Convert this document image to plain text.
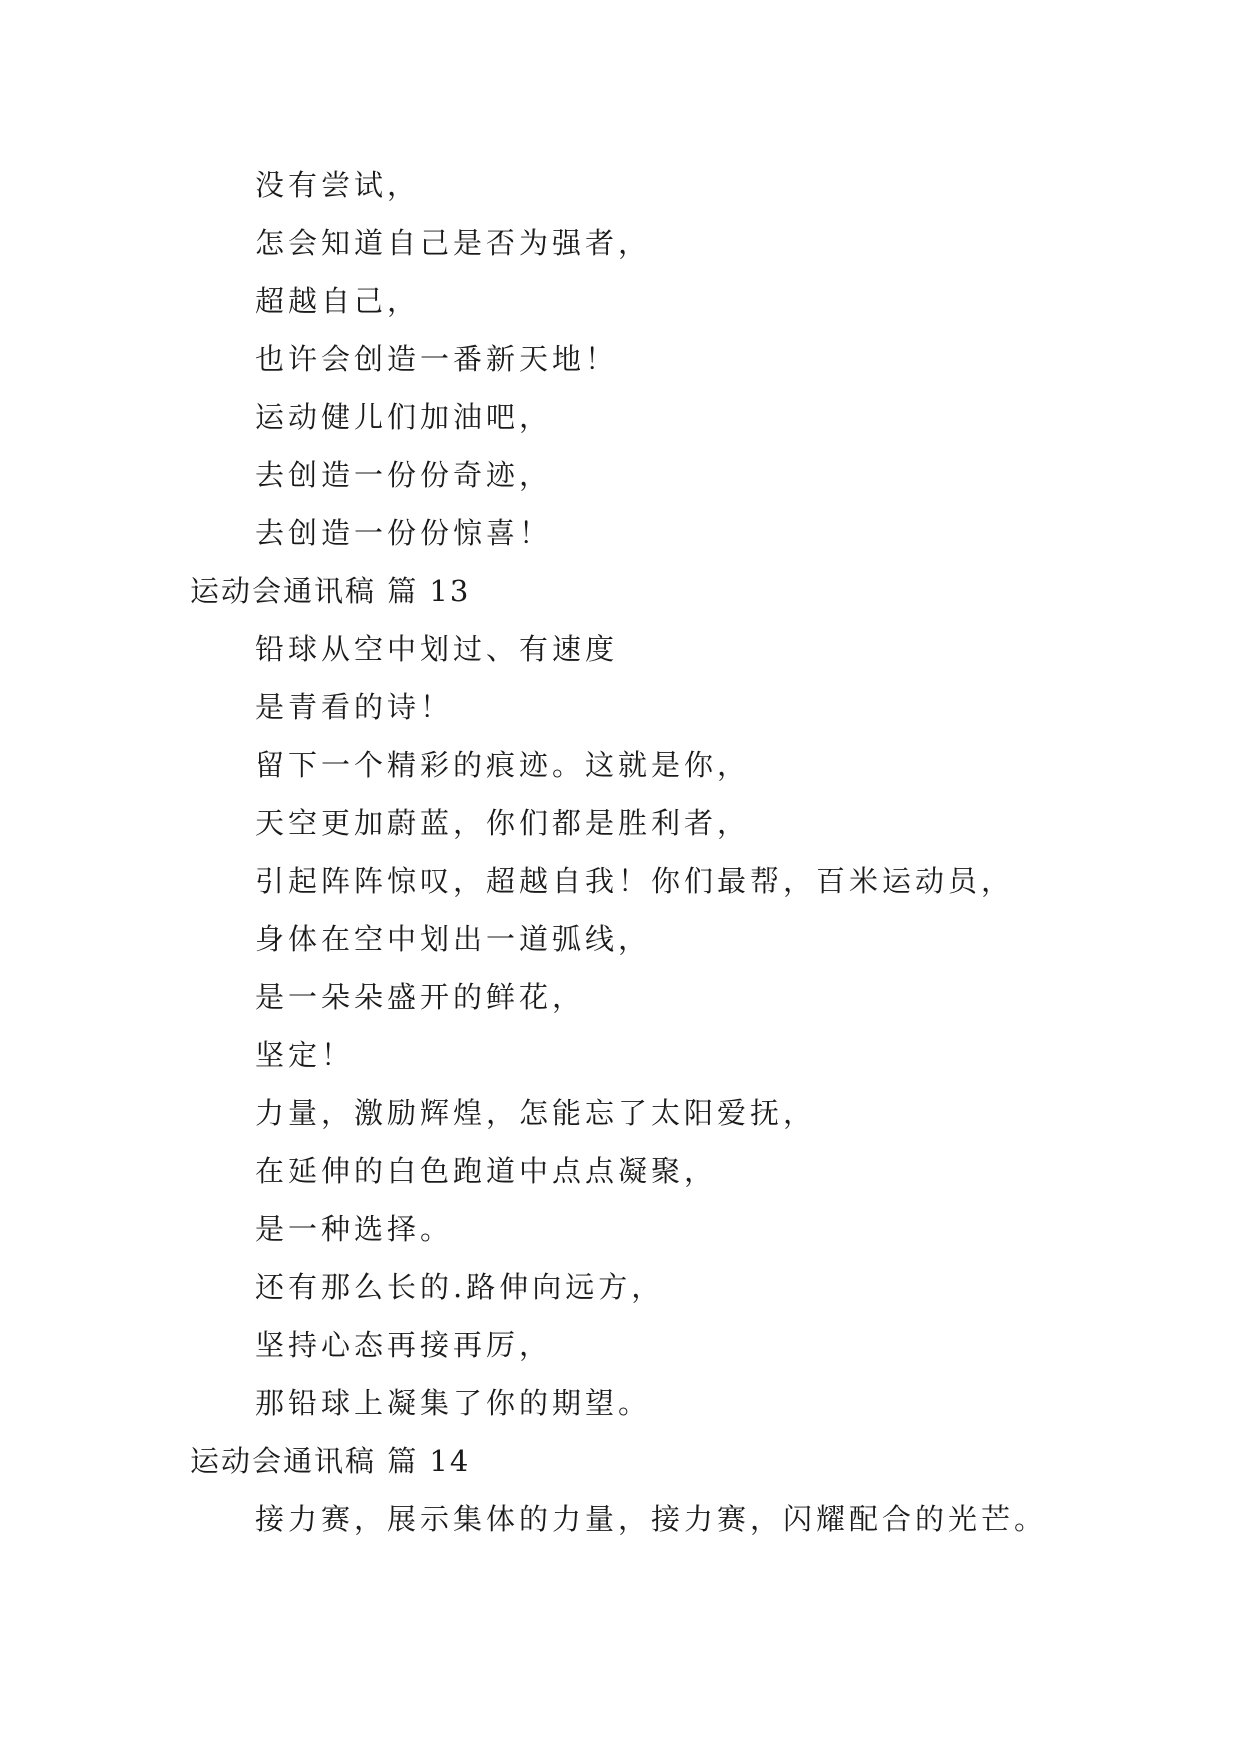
没有尝试，
怎会知道自己是否为强者，
超越自己，
也许会创造一番新天地！
运动健儿们加油吧，
去创造一份份奇迹，
去创造一份份惊喜！
运动会通讯稿 篇 13
铅球从空中划过、有速度
是青看的诗！
留下一个精彩的痕迹。这就是你，
天空更加蔚蓝，你们都是胜利者，
引起阵阵惊叹，超越自我！你们最帮，百米运动员，
身体在空中划出一道弧线，
是一朵朵盛开的鲜花，
坚定！
力量，激励辉煌，怎能忘了太阳爱抚，
在延伸的白色跑道中点点凝聚，
是一种选择。
还有那么长的.路伸向远方，
坚持心态再接再厉，
那铅球上凝集了你的期望。
运动会通讯稿 篇 14
接力赛，展示集体的力量，接力赛，闪耀配合的光芒。
